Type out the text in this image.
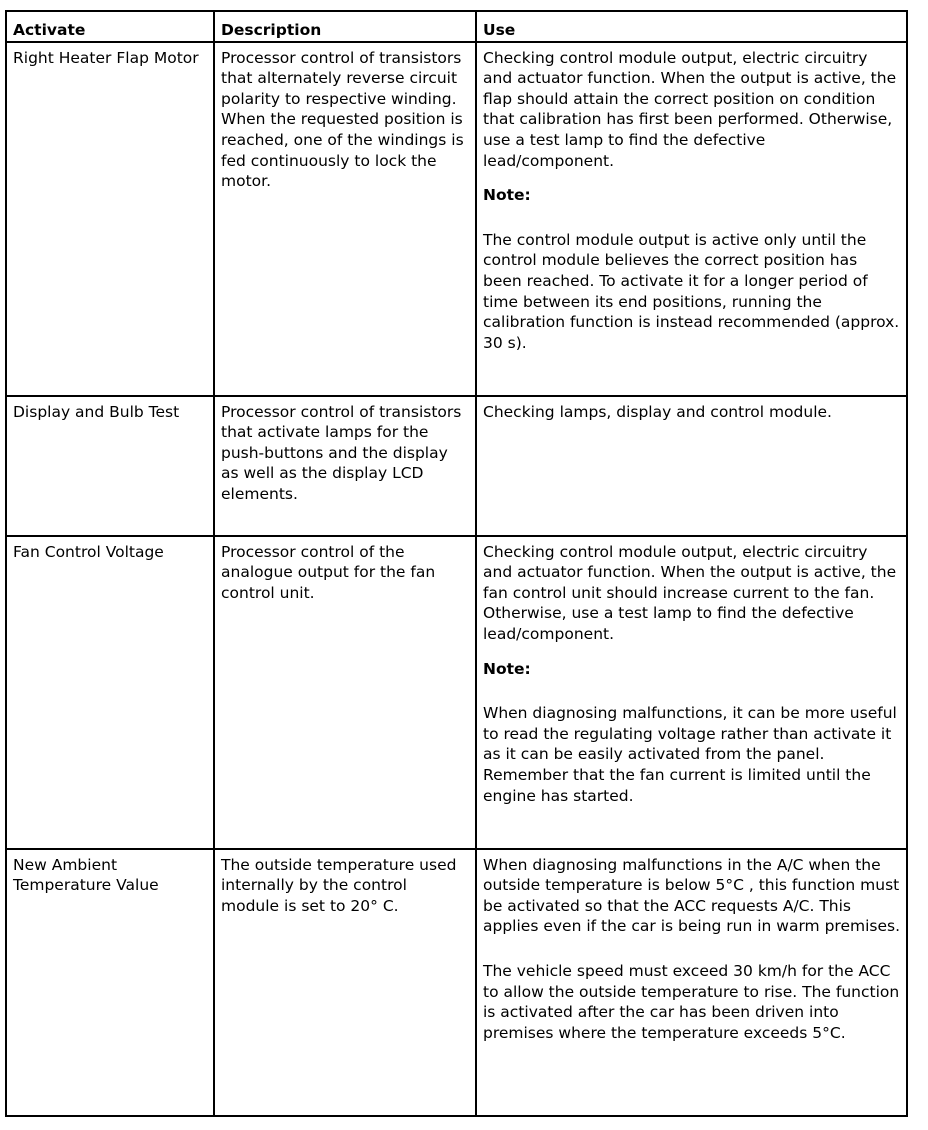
Activate	Description	Use
Right Heater Flap Motor	Processor control of transistors that alternately reverse circuit polarity to respective winding. When the requested position is reached, one of the windings is fed continuously to lock the motor.	Checking control module output, electric circuitry and actuator function. When the output is active, the flap should attain the correct position on condition that calibration has first been performed. Otherwise, use a test lamp to find the defective lead/component.

Note:

The control module output is active only until the control module believes the correct position has been reached. To activate it for a longer period of time between its end positions, running the calibration function is instead recommended (approx. 30 s).

Display and Bulb Test	Processor control of transistors that activate lamps for the push-buttons and the display as well as the display LCD elements.	Checking lamps, display and control module.

Fan Control Voltage	Processor control of the analogue output for the fan control unit.	Checking control module output, electric circuitry and actuator function. When the output is active, the fan control unit should increase current to the fan. Otherwise, use a test lamp to find the defective lead/component.

Note:

When diagnosing malfunctions, it can be more useful to read the regulating voltage rather than activate it as it can be easily activated from the panel. Remember that the fan current is limited until the engine has started.

New Ambient Temperature Value	The outside temperature used internally by the control module is set to 20° C.	When diagnosing malfunctions in the A/C when the outside temperature is below 5°C , this function must be activated so that the ACC requests A/C. This applies even if the car is being run in warm premises.

The vehicle speed must exceed 30 km/h for the ACC to allow the outside temperature to rise. The function is activated after the car has been driven into premises where the temperature exceeds 5°C.
